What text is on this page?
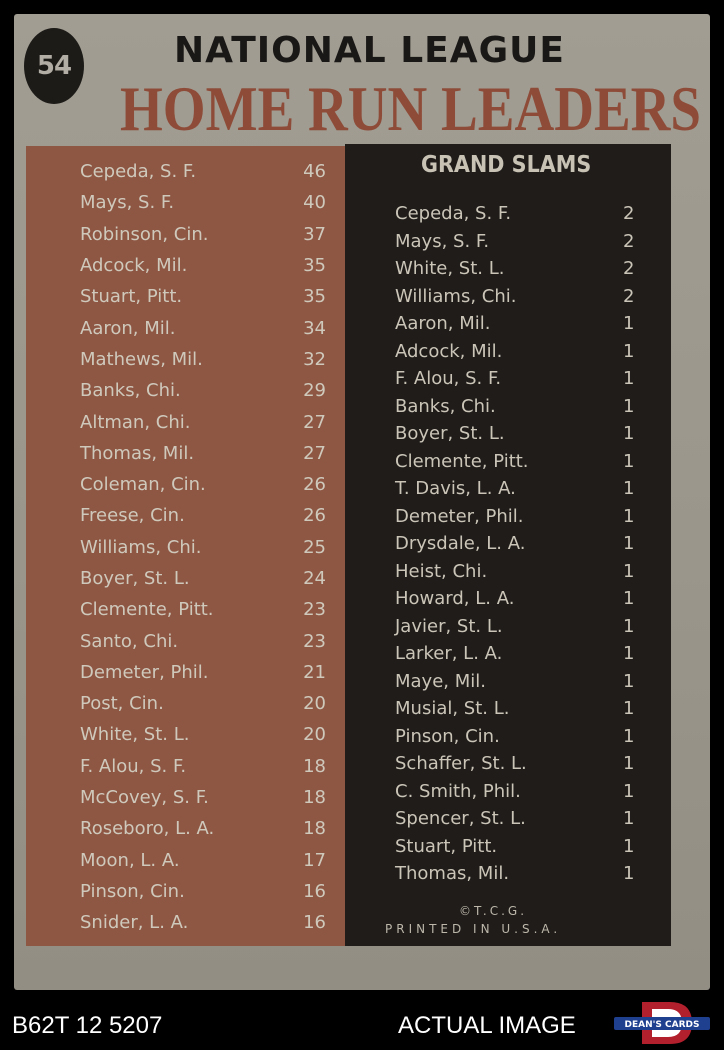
54	NATIONAL LEAGUE
HOME RUN LEADERS
Cepeda, S. F.	46
Mays, S. F.	40
Robinson, Cin.	37
Adcock, Mil.	35
Stuart, Pitt.	35
Aaron, Mil.	34
Mathews, Mil.	32
Banks, Chi.	29
Altman, Chi.	27
Thomas, Mil.	27
Coleman, Cin.	26
Freese, Cin.	26
Williams, Chi.	25
Boyer, St. L.	24
Clemente, Pitt.	23
Santo, Chi.	23
Demeter, Phil.	21
Post, Cin.	20
White, St. L.	20
F. Alou, S. F.	18
McCovey, S. F.	18
Roseboro, L. A.	18
Moon, L. A.	17
Pinson, Cin.	16
Snider, L. A.	16
GRAND SLAMS
Cepeda, S. F.	2
Mays, S. F.	2
White, St. L.	2
Williams, Chi.	2
Aaron, Mil.	1
Adcock, Mil.	1
F. Alou, S. F.	1
Banks, Chi.	1
Boyer, St. L.	1
Clemente, Pitt.	1
T. Davis, L. A.	1
Demeter, Phil.	1
Drysdale, L. A.	1
Heist, Chi.	1
Howard, L. A.	1
Javier, St. L.	1
Larker, L. A.	1
Maye, Mil.	1
Musial, St. L.	1
Pinson, Cin.	1
Schaffer, St. L.	1
C. Smith, Phil.	1
Spencer, St. L.	1
Stuart, Pitt.	1
Thomas, Mil.	1
©T.C.G.
PRINTED IN U.S.A.
B62T 12 5207	ACTUAL IMAGE	DEAN'S CARDS
